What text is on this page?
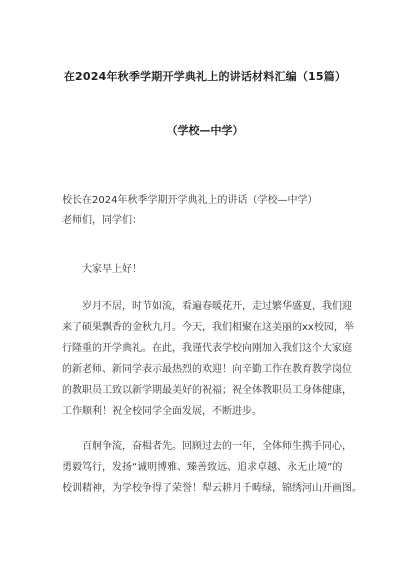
在2024年秋季学期开学典礼上的讲话材料汇编（15篇）
（学校—中学）
校长在2024年秋季学期开学典礼上的讲话（学校—中学）
老师们，同学们：
大家早上好！
岁月不居，时节如流，看遍春暖花开，走过繁华盛夏，我们迎
来了硕果飘香的金秋九月。今天，我们相聚在这美丽的xx校园，举
行隆重的开学典礼。在此，我谨代表学校向刚加入我们这个大家庭
的新老师、新同学表示最热烈的欢迎！向辛勤工作在教育教学岗位
的教职员工致以新学期最美好的祝福；祝全体教职员工身体健康，
工作顺利！祝全校同学全面发展，不断进步。
百舸争流，奋楫者先。回顾过去的一年，全体师生携手同心，
勇毅笃行，发扬“诚明博雅、臻善致远、追求卓越、永无止境”的
校训精神，为学校争得了荣誉！犁云耕月千畴绿，锦绣河山开画图。
